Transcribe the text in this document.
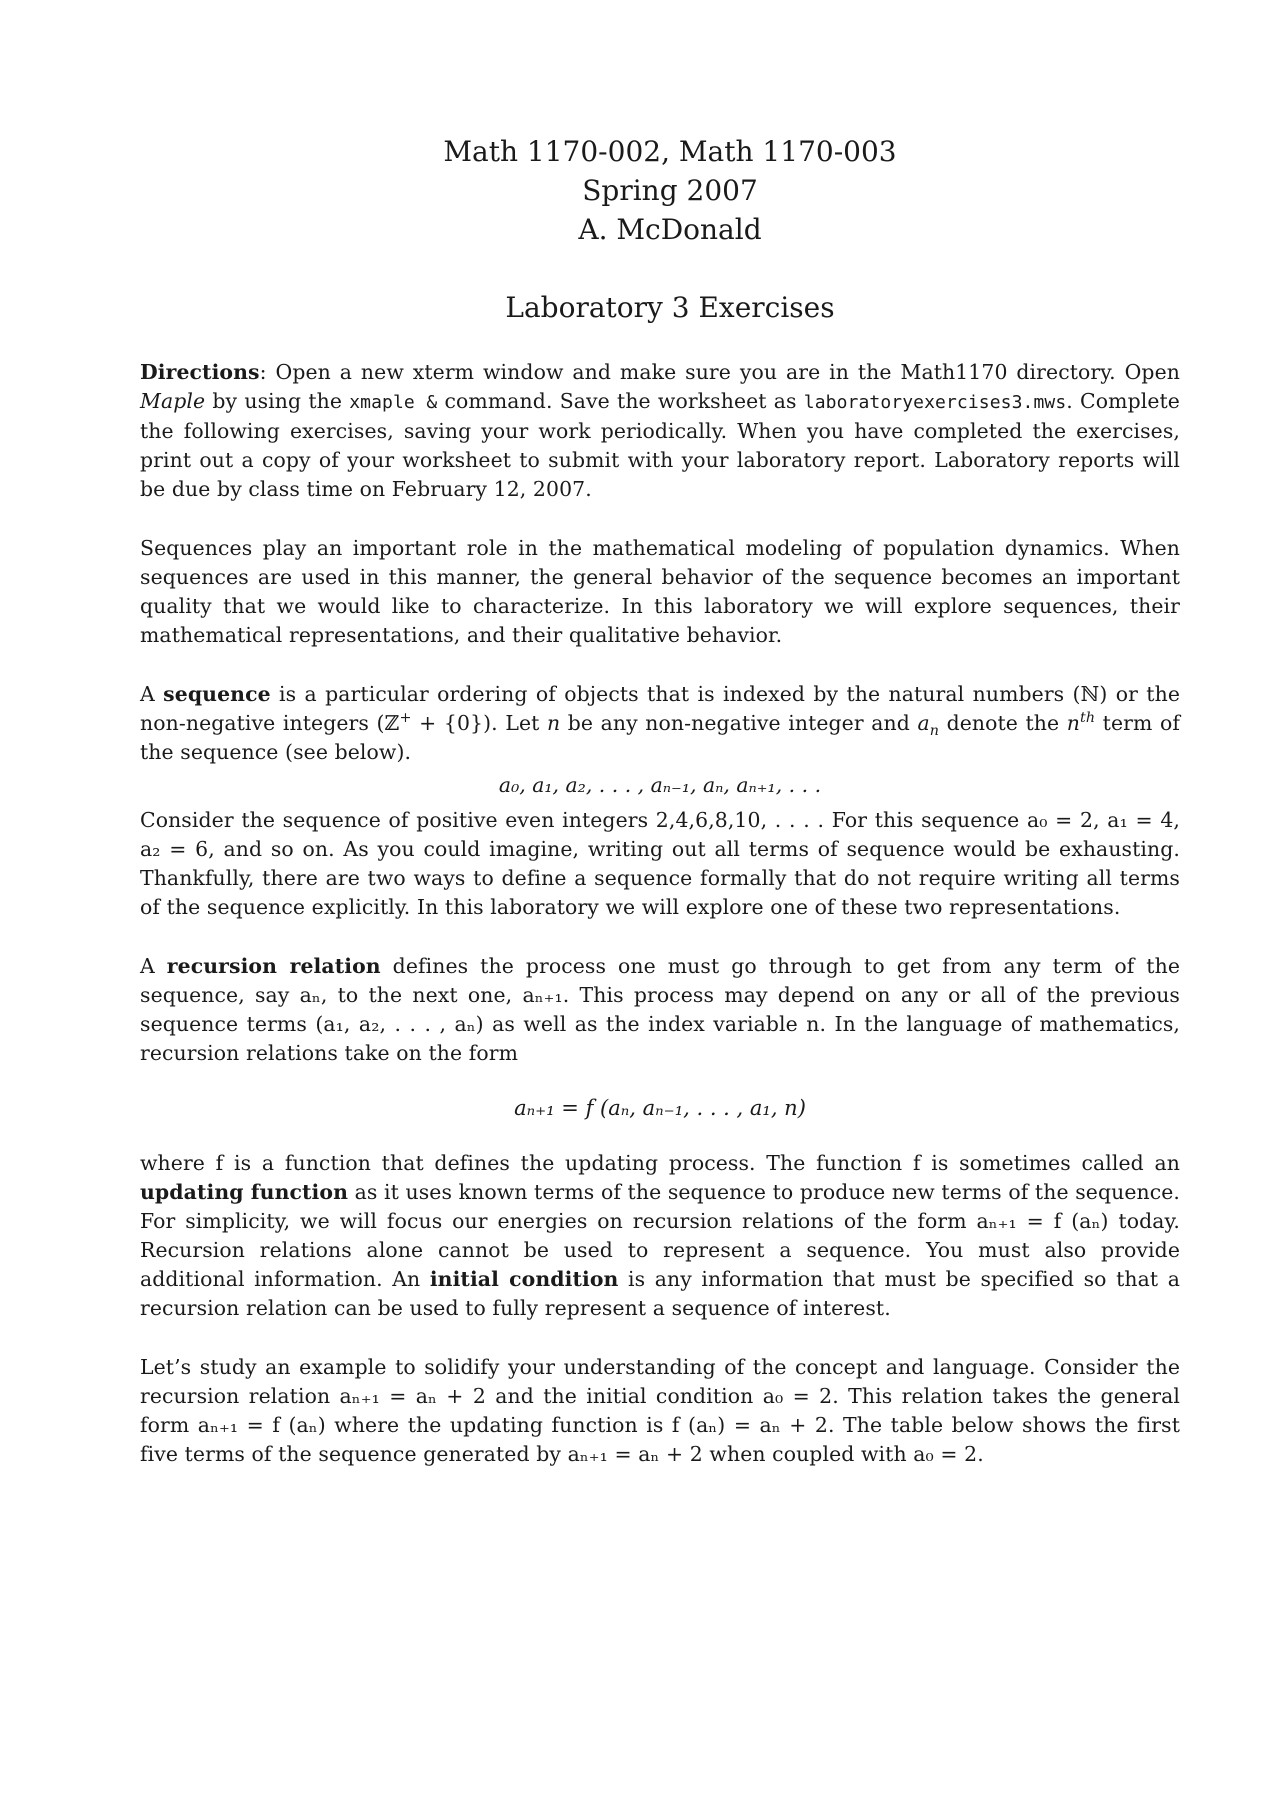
Math 1170-002, Math 1170-003
Spring 2007
A. McDonald
Laboratory 3 Exercises

Directions: Open a new xterm window and make sure you are in the Math1170 directory. Open Maple by using the xmaple & command. Save the worksheet as laboratoryexercises3.mws. Complete the following exercises, saving your work periodically. When you have completed the exercises, print out a copy of your worksheet to submit with your laboratory report. Laboratory reports will be due by class time on February 12, 2007.

Sequences play an important role in the mathematical modeling of population dynamics. When sequences are used in this manner, the general behavior of the sequence becomes an important quality that we would like to characterize. In this laboratory we will explore sequences, their mathematical representations, and their qualitative behavior.

A sequence is a particular ordering of objects that is indexed by the natural numbers (ℕ) or the non-negative integers (ℤ+ + {0}). Let n be any non-negative integer and $a_n$ denote the $n^{th}$ term of the sequence (see below).

a₀, a₁, a₂, . . . , aₙ₋₁, aₙ, aₙ₊₁, . . .

Consider the sequence of positive even integers 2,4,6,8,10, . . . . For this sequence a₀ = 2, a₁ = 4, a₂ = 6, and so on. As you could imagine, writing out all terms of sequence would be exhausting. Thankfully, there are two ways to define a sequence formally that do not require writing all terms of the sequence explicitly. In this laboratory we will explore one of these two representations.

A recursion relation defines the process one must go through to get from any term of the sequence, say aₙ, to the next one, aₙ₊₁. This process may depend on any or all of the previous sequence terms (a₁, a₂, . . . , aₙ) as well as the index variable n. In the language of mathematics, recursion relations take on the form

aₙ₊₁ = f (aₙ, aₙ₋₁, . . . , a₁, n)

where f is a function that defines the updating process. The function f is sometimes called an updating function as it uses known terms of the sequence to produce new terms of the sequence. For simplicity, we will focus our energies on recursion relations of the form aₙ₊₁ = f (aₙ) today. Recursion relations alone cannot be used to represent a sequence. You must also provide additional information. An initial condition is any information that must be specified so that a recursion relation can be used to fully represent a sequence of interest.

Let’s study an example to solidify your understanding of the concept and language. Consider the recursion relation aₙ₊₁ = aₙ + 2 and the initial condition a₀ = 2. This relation takes the general form aₙ₊₁ = f (aₙ) where the updating function is f (aₙ) = aₙ + 2. The table below shows the first five terms of the sequence generated by aₙ₊₁ = aₙ + 2 when coupled with a₀ = 2.
